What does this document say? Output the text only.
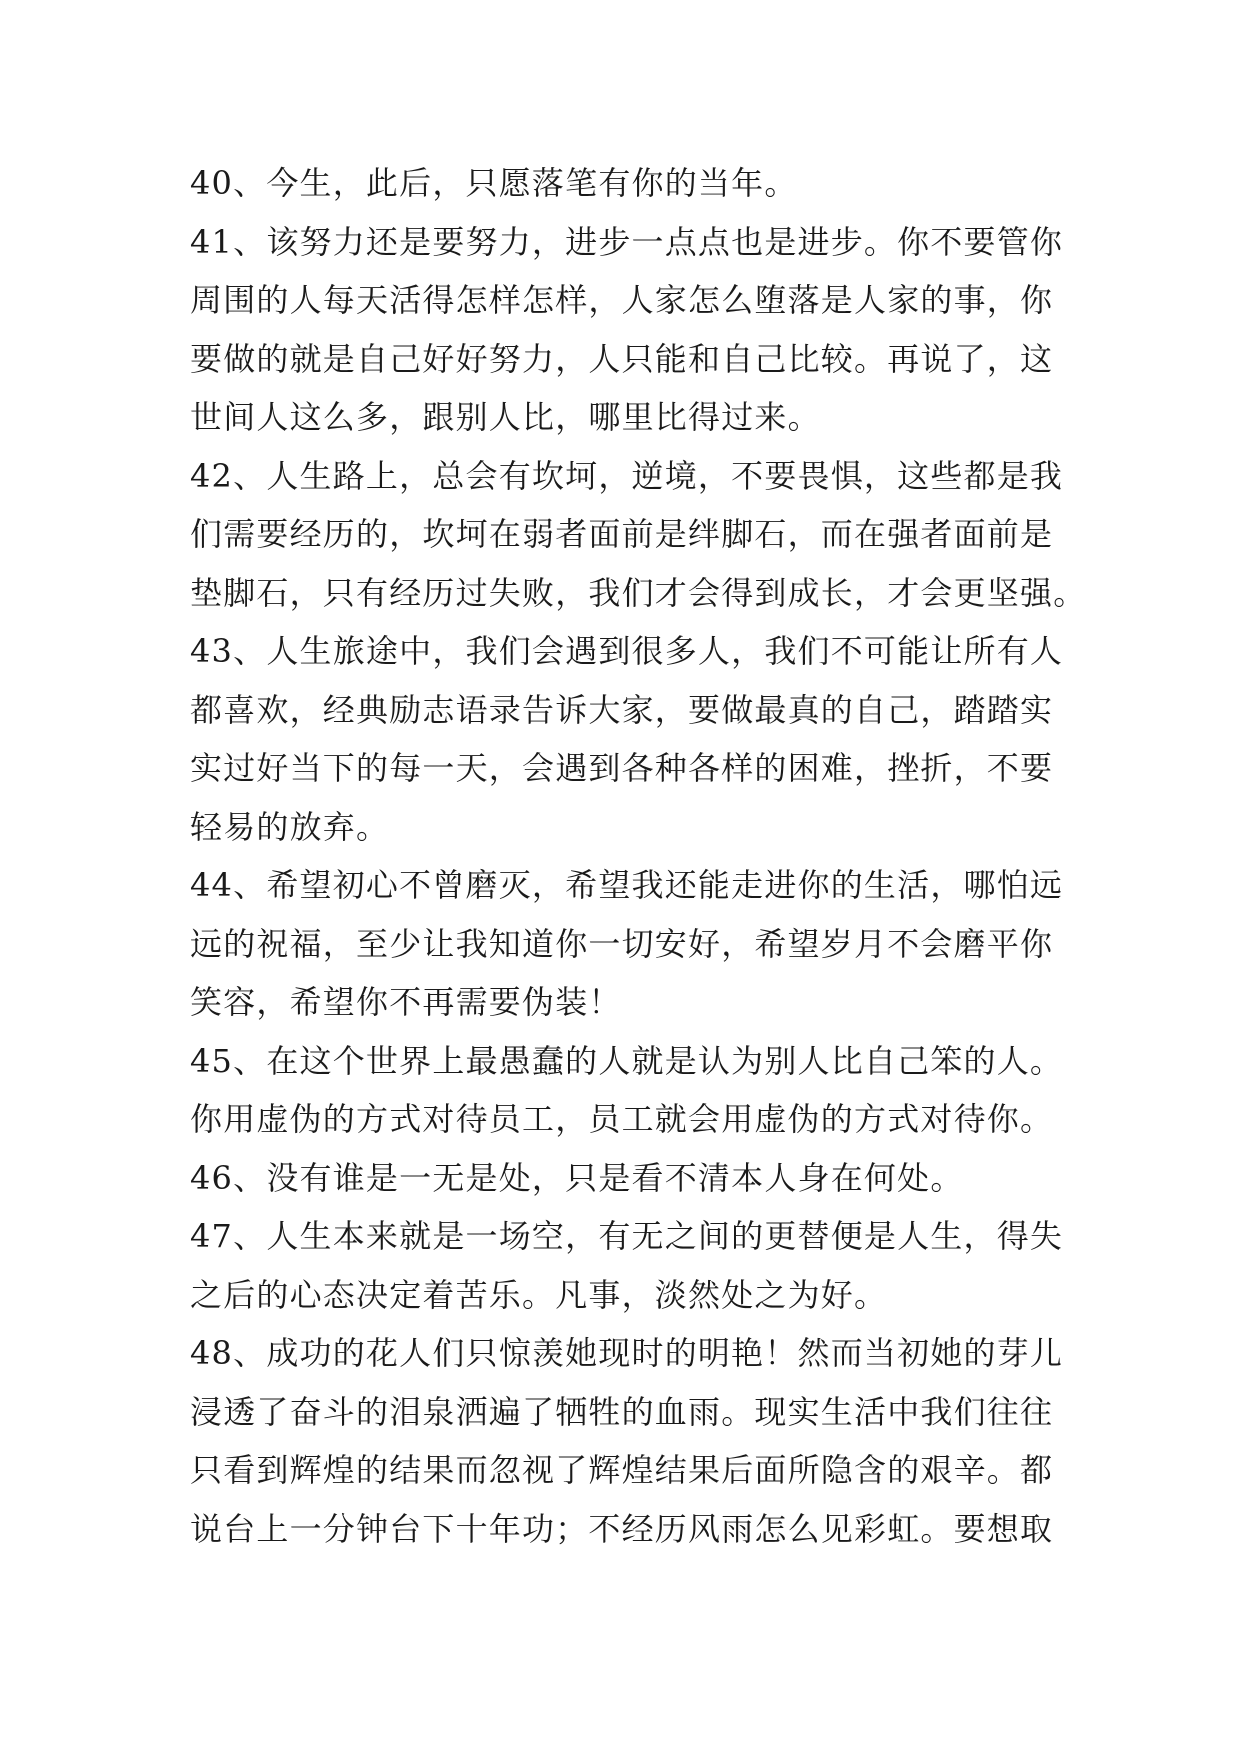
40、今生，此后，只愿落笔有你的当年。
41、该努力还是要努力，进步一点点也是进步。你不要管你
周围的人每天活得怎样怎样，人家怎么堕落是人家的事，你
要做的就是自己好好努力，人只能和自己比较。再说了，这
世间人这么多，跟别人比，哪里比得过来。
42、人生路上，总会有坎坷，逆境，不要畏惧，这些都是我
们需要经历的，坎坷在弱者面前是绊脚石，而在强者面前是
垫脚石，只有经历过失败，我们才会得到成长，才会更坚强。
43、人生旅途中，我们会遇到很多人，我们不可能让所有人
都喜欢，经典励志语录告诉大家，要做最真的自己，踏踏实
实过好当下的每一天，会遇到各种各样的困难，挫折，不要
轻易的放弃。
44、希望初心不曾磨灭，希望我还能走进你的生活，哪怕远
远的祝福，至少让我知道你一切安好，希望岁月不会磨平你
笑容，希望你不再需要伪装！
45、在这个世界上最愚蠢的人就是认为别人比自己笨的人。
你用虚伪的方式对待员工，员工就会用虚伪的方式对待你。
46、没有谁是一无是处，只是看不清本人身在何处。
47、人生本来就是一场空，有无之间的更替便是人生，得失
之后的心态决定着苦乐。凡事，淡然处之为好。
48、成功的花人们只惊羡她现时的明艳！然而当初她的芽儿
浸透了奋斗的泪泉洒遍了牺牲的血雨。现实生活中我们往往
只看到辉煌的结果而忽视了辉煌结果后面所隐含的艰辛。都
说台上一分钟台下十年功；不经历风雨怎么见彩虹。要想取
